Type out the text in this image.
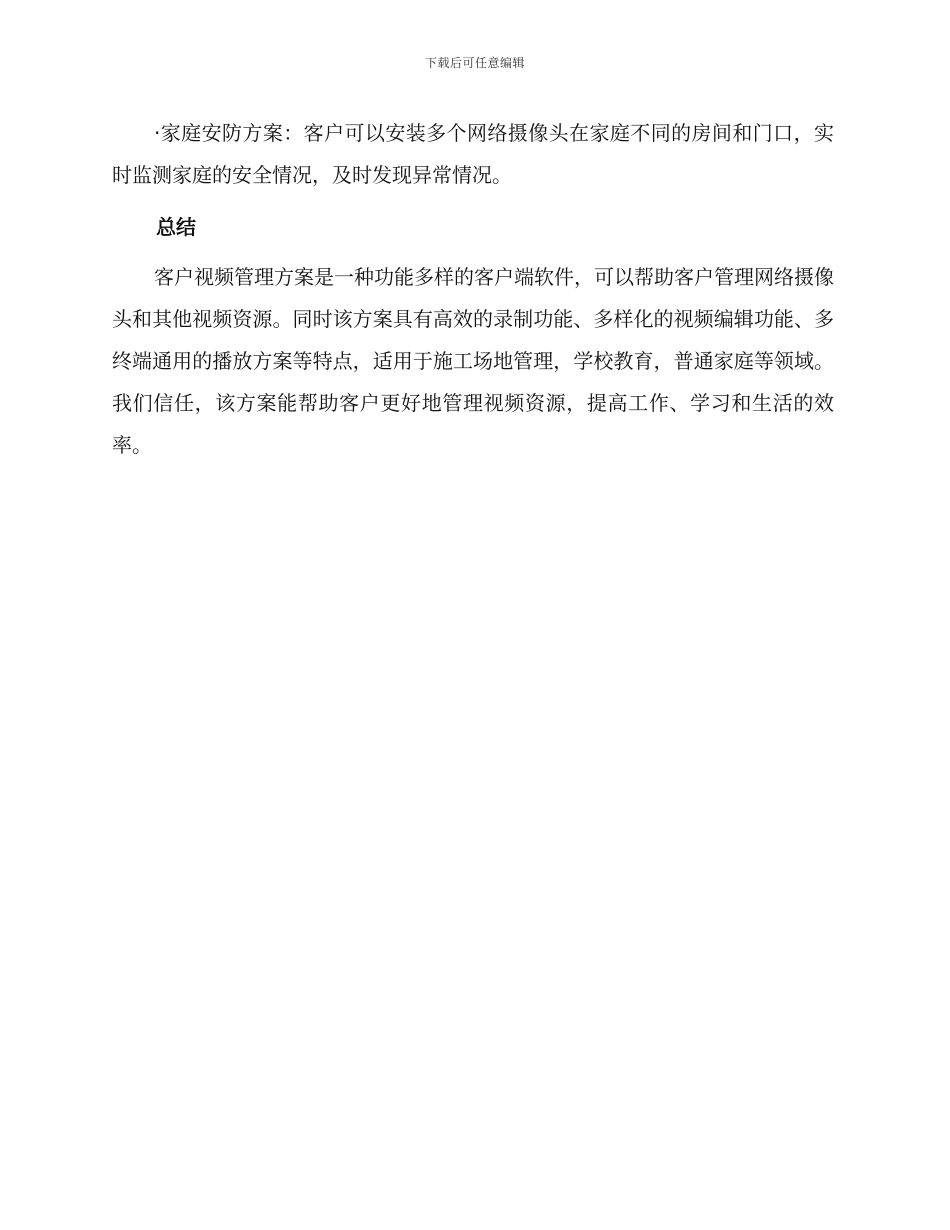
下载后可任意编辑

·家庭安防方案：客户可以安装多个网络摄像头在家庭不同的房间和门口，实时监测家庭的安全情况，及时发现异常情况。

总结

客户视频管理方案是一种功能多样的客户端软件，可以帮助客户管理网络摄像头和其他视频资源。同时该方案具有高效的录制功能、多样化的视频编辑功能、多终端通用的播放方案等特点，适用于施工场地管理，学校教育，普通家庭等领域。我们信任，该方案能帮助客户更好地管理视频资源，提高工作、学习和生活的效率。
